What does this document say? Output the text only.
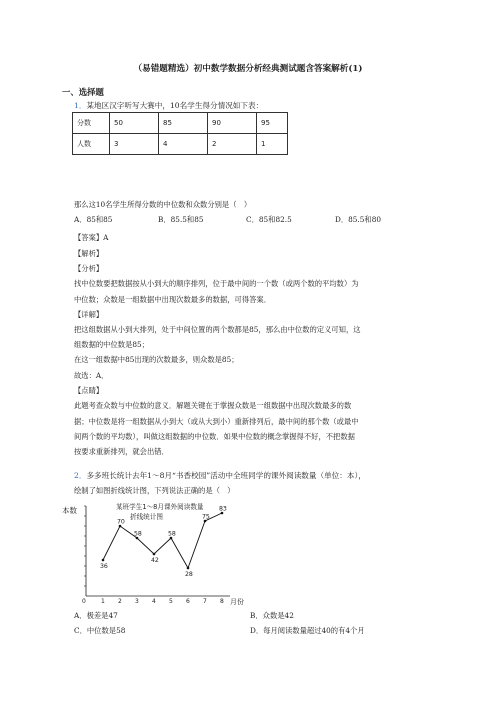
（易错题精选）初中数学数据分析经典测试题含答案解析(1)
一、选择题
1．某地区汉字听写大赛中，10名学生得分情况如下表：
分数	50	85	90	95
人数	3	4	2	1
那么这10名学生所得分数的中位数和众数分别是（　）
A．85和85	B．85.5和85	C．85和82.5	D．85.5和80
【答案】A
【解析】
【分析】
找中位数要把数据按从小到大的顺序排列，位于最中间的一个数（或两个数的平均数）为
中位数；众数是一组数据中出现次数最多的数据，可得答案．
【详解】
把这组数据从小到大排列，处于中间位置的两个数都是85，那么由中位数的定义可知，这
组数据的中位数是85；
在这一组数据中85出现的次数最多，则众数是85；
故选：A．
【点睛】
此题考查众数与中位数的意义．解题关键在于掌握众数是一组数据中出现次数最多的数
据；中位数是将一组数据从小到大（或从大到小）重新排列后，最中间的那个数（或最中
间两个数的平均数），叫做这组数据的中位数．如果中位数的概念掌握得不好，不把数据
按要求重新排列，就会出错．
2．多多班长统计去年1～8月“书香校园”活动中全班同学的课外阅读数量（单位：本），
绘制了如图折线统计图，下列说法正确的是（　）
本数
月份
某班学生1～8月课外阅读数量
折线统计图
0	1 2 3 4 5 6 7 8
36
70
58
42
58
28
75
83
A．极差是47	B．众数是42
C．中位数是58	D．每月阅读数量超过40的有4个月
